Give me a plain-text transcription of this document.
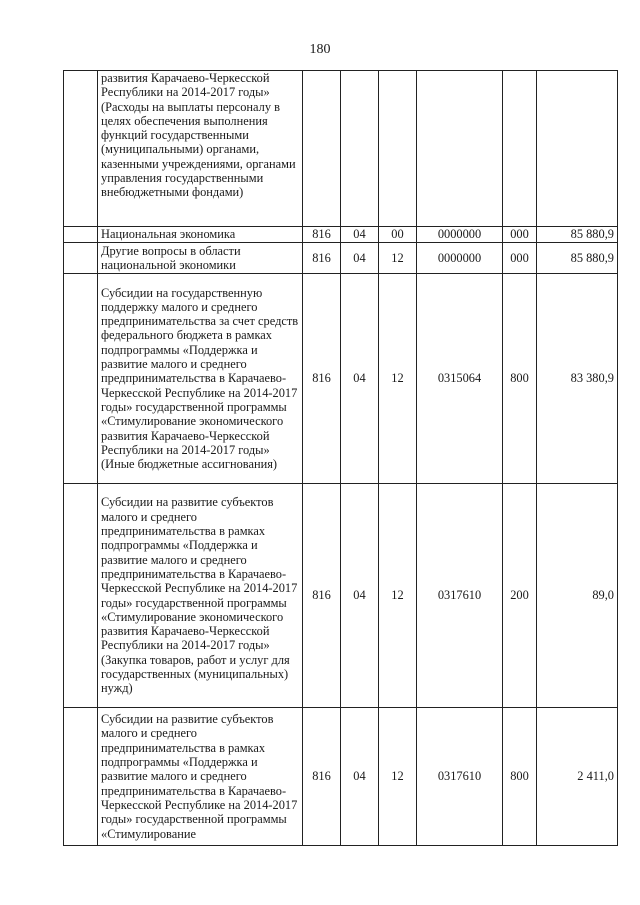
180
	развития Карачаево-Черкесской Республики на 2014-2017 годы» (Расходы на выплаты персоналу в целях обеспечения выполнения функций государственными (муниципальными) органами, казенными учреждениями, органами управления государственными внебюджетными фондами)						
	Национальная экономика	816	04	00	0000000	000	85 880,9
	Другие вопросы в области национальной экономики	816	04	12	0000000	000	85 880,9
	Субсидии на государственную поддержку малого и среднего предпринимательства за счет средств федерального бюджета в рамках подпрограммы «Поддержка и развитие малого и среднего предпринимательства в Карачаево-Черкесской Республике на 2014-2017 годы» государственной программы «Стимулирование экономического развития Карачаево-Черкесской Республики на 2014-2017 годы» (Иные бюджетные ассигнования)	816	04	12	0315064	800	83 380,9
	Субсидии на развитие субъектов малого и среднего предпринимательства в рамках подпрограммы «Поддержка и развитие малого и среднего предпринимательства в Карачаево-Черкесской Республике на 2014-2017 годы» государственной программы «Стимулирование экономического развития Карачаево-Черкесской Республики на 2014-2017 годы» (Закупка товаров, работ и услуг для государственных (муниципальных) нужд)	816	04	12	0317610	200	89,0
	Субсидии на развитие субъектов малого и среднего предпринимательства в рамках подпрограммы «Поддержка и развитие малого и среднего предпринимательства в Карачаево-Черкесской Республике на 2014-2017 годы» государственной программы «Стимулирование	816	04	12	0317610	800	2 411,0
